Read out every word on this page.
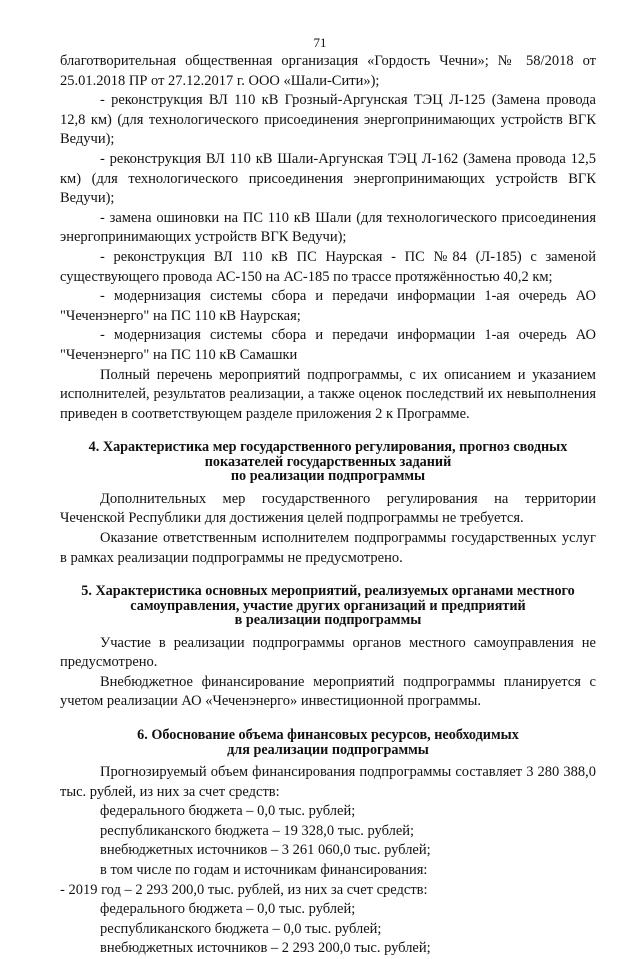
71

благотворительная общественная организация «Гордость Чечни»; № 58/2018 от 25.01.2018 ПР от 27.12.2017 г. ООО «Шали-Сити»);

- реконструкция ВЛ 110 кВ Грозный-Аргунская ТЭЦ Л-125 (Замена провода 12,8 км) (для технологического присоединения энергопринимающих устройств ВГК Ведучи);

- реконструкция ВЛ 110 кВ Шали-Аргунская ТЭЦ Л-162 (Замена провода 12,5 км) (для технологического присоединения энергопринимающих устройств ВГК Ведучи);

- замена ошиновки на ПС 110 кВ Шали (для технологического присоединения энергопринимающих устройств ВГК Ведучи);

- реконструкция ВЛ 110 кВ ПС Наурская - ПС №84 (Л-185) с заменой существующего провода АС-150 на АС-185 по трассе протяжённостью 40,2 км;

- модернизация системы сбора и передачи информации 1-ая очередь АО "Чеченэнерго" на ПС 110 кВ Наурская;

- модернизация системы сбора и передачи информации 1-ая очередь АО "Чеченэнерго" на ПС 110 кВ Самашки

Полный перечень мероприятий подпрограммы, с их описанием и указанием исполнителей, результатов реализации, а также оценок последствий их невыполнения приведен в соответствующем разделе приложения 2 к Программе.

4. Характеристика мер государственного регулирования, прогноз сводных
показателей государственных заданий
по реализации подпрограммы

Дополнительных мер государственного регулирования на территории Чеченской Республики для достижения целей подпрограммы не требуется.

Оказание ответственным исполнителем подпрограммы государственных услуг в рамках реализации подпрограммы не предусмотрено.

5. Характеристика основных мероприятий, реализуемых органами местного
самоуправления, участие других организаций и предприятий
в реализации подпрограммы

Участие в реализации подпрограммы органов местного самоуправления не предусмотрено.

Внебюджетное финансирование мероприятий подпрограммы планируется с учетом реализации АО «Чеченэнерго» инвестиционной программы.

6. Обоснование объема финансовых ресурсов, необходимых
для реализации подпрограммы

Прогнозируемый объем финансирования подпрограммы составляет 3 280 388,0 тыс. рублей, из них за счет средств:

федерального бюджета – 0,0 тыс. рублей;

республиканского бюджета – 19 328,0 тыс. рублей;

внебюджетных источников – 3 261 060,0 тыс. рублей;

в том числе по годам и источникам финансирования:

- 2019 год – 2 293 200,0 тыс. рублей, из них за счет средств:

федерального бюджета – 0,0 тыс. рублей;

республиканского бюджета – 0,0 тыс. рублей;

внебюджетных источников – 2 293 200,0 тыс. рублей;
